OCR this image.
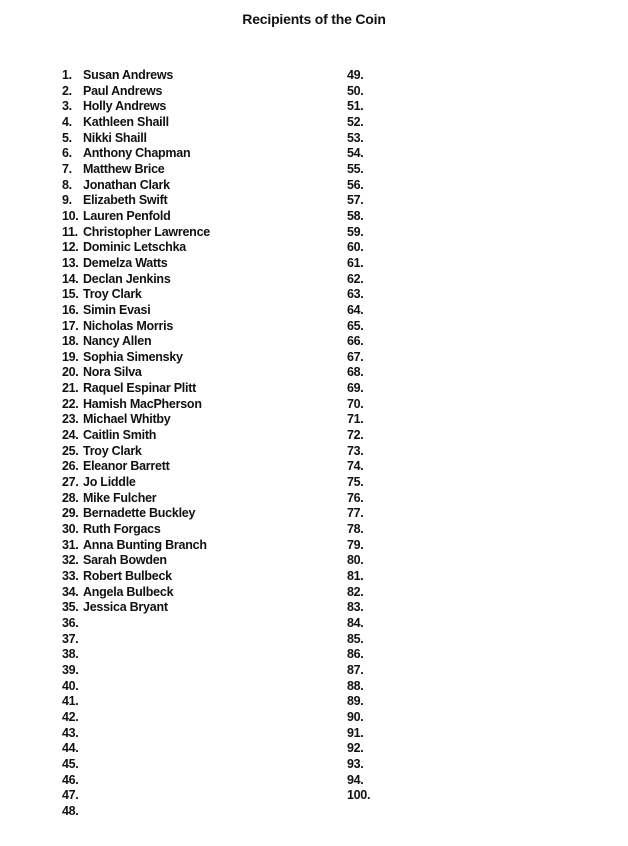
Recipients of the Coin
1. Susan Andrews
2. Paul Andrews
3. Holly Andrews
4. Kathleen Shaill
5. Nikki Shaill
6. Anthony Chapman
7. Matthew Brice
8. Jonathan Clark
9. Elizabeth Swift
10. Lauren Penfold
11. Christopher Lawrence
12. Dominic Letschka
13. Demelza Watts
14. Declan Jenkins
15. Troy Clark
16. Simin Evasi
17. Nicholas Morris
18. Nancy Allen
19. Sophia Simensky
20. Nora Silva
21. Raquel Espinar Plitt
22. Hamish MacPherson
23. Michael Whitby
24. Caitlin Smith
25. Troy Clark
26. Eleanor Barrett
27. Jo Liddle
28. Mike Fulcher
29. Bernadette Buckley
30. Ruth Forgacs
31. Anna Bunting Branch
32. Sarah Bowden
33. Robert Bulbeck
34. Angela Bulbeck
35. Jessica Bryant
36.
37.
38.
39.
40.
41.
42.
43.
44.
45.
46.
47.
48.
49.
50.
51.
52.
53.
54.
55.
56.
57.
58.
59.
60.
61.
62.
63.
64.
65.
66.
67.
68.
69.
70.
71.
72.
73.
74.
75.
76.
77.
78.
79.
80.
81.
82.
83.
84.
85.
86.
87.
88.
89.
90.
91.
92.
93.
94.
100.
